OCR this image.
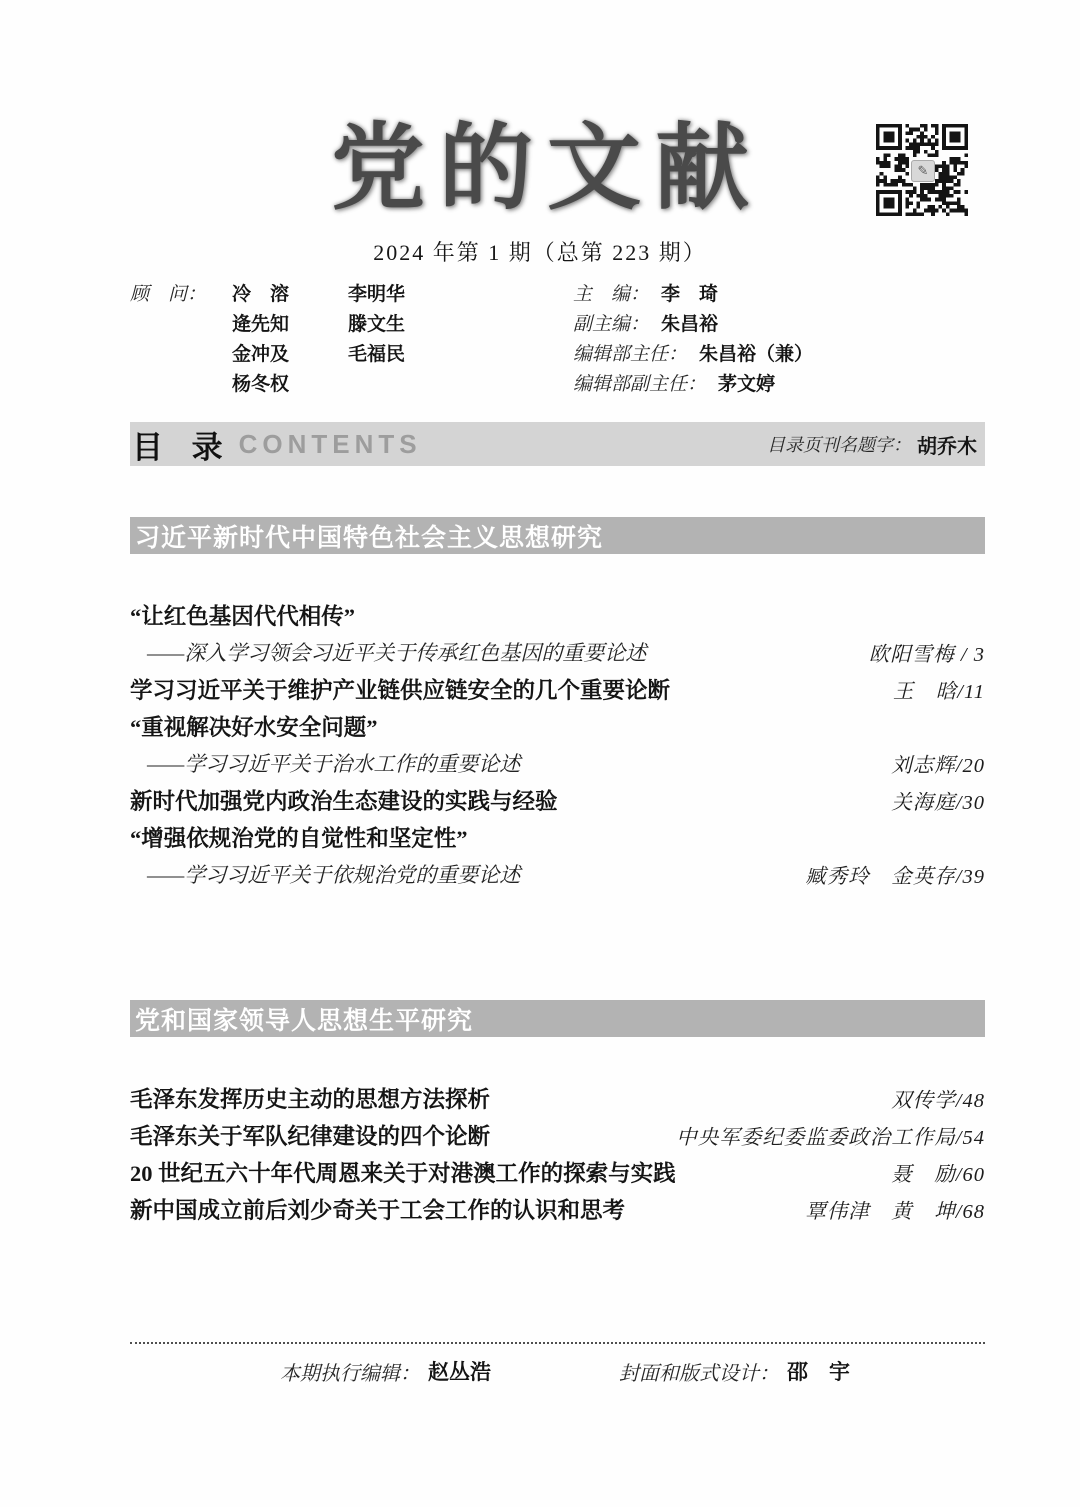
党的文献
2024 年第 1 期（总第 223 期）
✎
顾　问： 冷　溶	李明华
逄先知	滕文生
金冲及	毛福民
杨冬权
主　编： 李　琦
副主编： 朱昌裕
编辑部主任： 朱昌裕（兼）
编辑部副主任： 茅文婷
目 录 CONTENTS	目录页刊名题字： 胡乔木
习近平新时代中国特色社会主义思想研究
“让红色基因代代相传”
——深入学习领会习近平关于传承红色基因的重要论述	欧阳雪梅 / 3
学习习近平关于维护产业链供应链安全的几个重要论断	王　晗/11
“重视解决好水安全问题”
——学习习近平关于治水工作的重要论述	刘志辉/20
新时代加强党内政治生态建设的实践与经验	关海庭/30
“增强依规治党的自觉性和坚定性”
——学习习近平关于依规治党的重要论述	臧秀玲　金英存/39
党和国家领导人思想生平研究
毛泽东发挥历史主动的思想方法探析	双传学/48
毛泽东关于军队纪律建设的四个论断	中央军委纪委监委政治工作局/54
20 世纪五六十年代周恩来关于对港澳工作的探索与实践	聂　励/60
新中国成立前后刘少奇关于工会工作的认识和思考	覃伟津　黄　坤/68
本期执行编辑： 赵丛浩	封面和版式设计： 邵　宇
